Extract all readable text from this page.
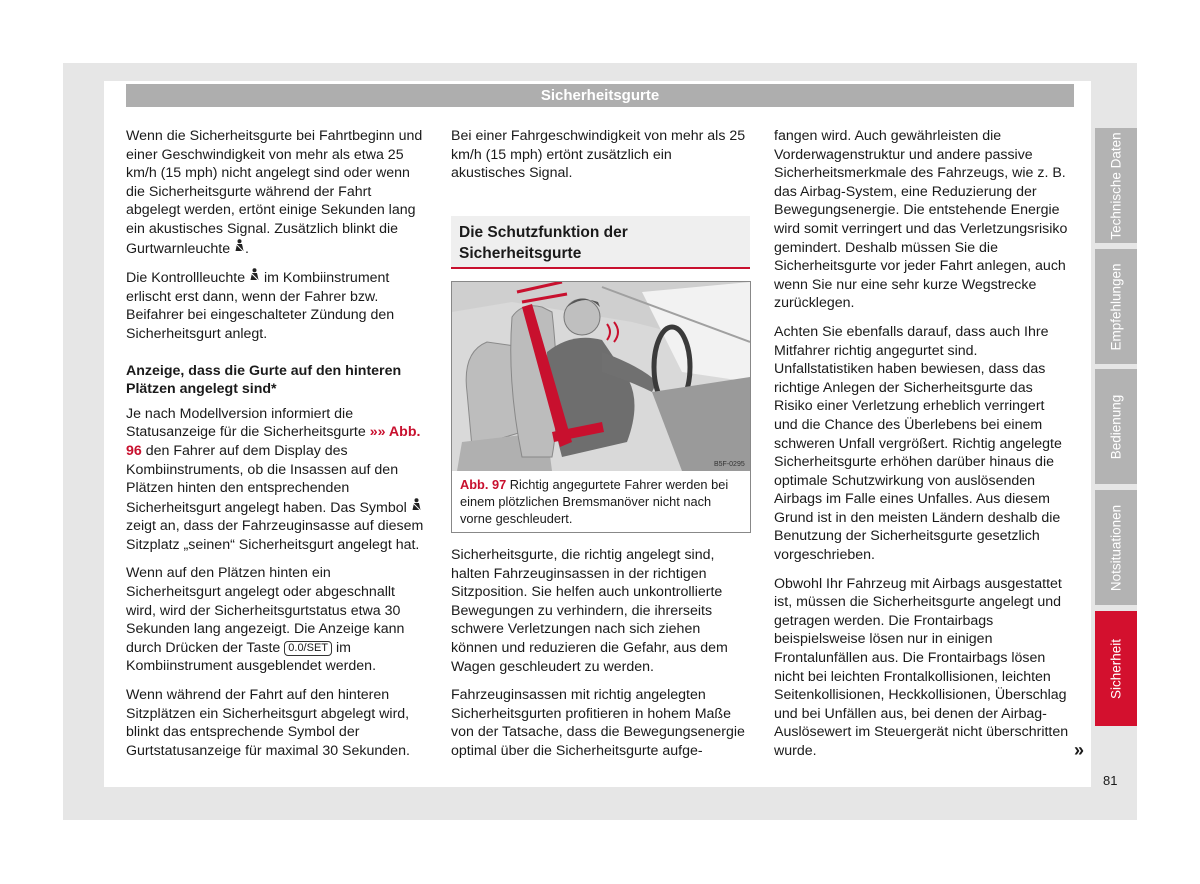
Sicherheitsgurte

Wenn die Sicherheitsgurte bei Fahrtbeginn und einer Geschwindigkeit von mehr als etwa 25 km/h (15 mph) nicht angelegt sind oder wenn die Sicherheitsgurte während der Fahrt abgelegt werden, ertönt einige Sekunden lang ein akustisches Signal. Zusätzlich blinkt die Gurtwarnleuchte .

Die Kontrollleuchte im Kombiinstrument erlischt erst dann, wenn der Fahrer bzw. Beifahrer bei eingeschalteter Zündung den Sicherheitsgurt anlegt.

Anzeige, dass die Gurte auf den hinteren Plätzen angelegt sind*

Je nach Modellversion informiert die Statusanzeige für die Sicherheitsgurte »» Abb. 96 den Fahrer auf dem Display des Kombiinstruments, ob die Insassen auf den Plätzen hinten den entsprechenden Sicherheitsgurt angelegt haben. Das Symbol  zeigt an, dass der Fahrzeuginsasse auf diesem Sitzplatz „seinen“ Sicherheitsgurt angelegt hat.

Wenn auf den Plätzen hinten ein Sicherheitsgurt angelegt oder abgeschnallt wird, wird der Sicherheitsgurtstatus etwa 30 Sekunden lang angezeigt. Die Anzeige kann durch Drücken der Taste 0.0/SET im Kombiinstrument ausgeblendet werden.

Wenn während der Fahrt auf den hinteren Sitzplätzen ein Sicherheitsgurt abgelegt wird, blinkt das entsprechende Symbol der Gurtstatusanzeige für maximal 30 Sekunden.

Bei einer Fahrgeschwindigkeit von mehr als 25 km/h (15 mph) ertönt zusätzlich ein akustisches Signal.

Die Schutzfunktion der Sicherheitsgurte
B5F-0295
Abb. 97 Richtig angegurtete Fahrer werden bei einem plötzlichen Bremsmanöver nicht nach vorne geschleudert.

Sicherheitsgurte, die richtig angelegt sind, halten Fahrzeuginsassen in der richtigen Sitzposition. Sie helfen auch unkontrollierte Bewegungen zu verhindern, die ihrerseits schwere Verletzungen nach sich ziehen können und reduzieren die Gefahr, aus dem Wagen geschleudert zu werden.

Fahrzeuginsassen mit richtig angelegten Sicherheitsgurten profitieren in hohem Maße von der Tatsache, dass die Bewegungsenergie optimal über die Sicherheitsgurte aufge-

fangen wird. Auch gewährleisten die Vorderwagenstruktur und andere passive Sicherheitsmerkmale des Fahrzeugs, wie z. B. das Airbag-System, eine Reduzierung der Bewegungsenergie. Die entstehende Energie wird somit verringert und das Verletzungsrisiko gemindert. Deshalb müssen Sie die Sicherheitsgurte vor jeder Fahrt anlegen, auch wenn Sie nur eine sehr kurze Wegstrecke zurücklegen.

Achten Sie ebenfalls darauf, dass auch Ihre Mitfahrer richtig angegurtet sind. Unfallstatistiken haben bewiesen, dass das richtige Anlegen der Sicherheitsgurte das Risiko einer Verletzung erheblich verringert und die Chance des Überlebens bei einem schweren Unfall vergrößert. Richtig angelegte Sicherheitsgurte erhöhen darüber hinaus die optimale Schutzwirkung von auslösenden Airbags im Falle eines Unfalles. Aus diesem Grund ist in den meisten Ländern deshalb die Benutzung der Sicherheitsgurte gesetzlich vorgeschrieben.

Obwohl Ihr Fahrzeug mit Airbags ausgestattet ist, müssen die Sicherheitsgurte angelegt und getragen werden. Die Frontairbags beispielsweise lösen nur in einigen Frontalunfällen aus. Die Frontairbags lösen nicht bei leichten Frontalkollisionen, leichten Seitenkollisionen, Heckkollisionen, Überschlag und bei Unfällen aus, bei denen der Airbag-Auslösewert im Steuergerät nicht überschritten wurde.	»
Technische Daten
Empfehlungen
Bedienung
Notsituationen
Sicherheit
81
